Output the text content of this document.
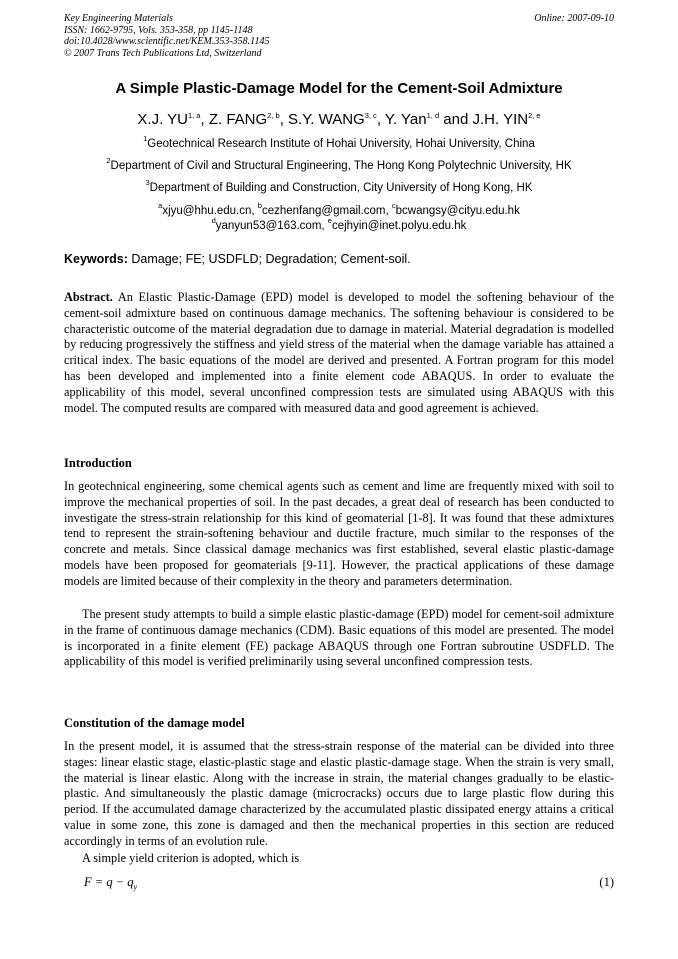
Key Engineering Materials
ISSN: 1662-9795, Vols. 353-358, pp 1145-1148
doi:10.4028/www.scientific.net/KEM.353-358.1145
© 2007 Trans Tech Publications Ltd, Switzerland
Online: 2007-09-10
A Simple Plastic-Damage Model for the Cement-Soil Admixture
X.J. YU$^{1, a}$, Z. FANG$^{2, b}$, S.Y. WANG$^{3, c}$, Y. Yan$^{1, d}$ and J.H. YIN$^{2, e}$
$^1$Geotechnical Research Institute of Hohai University, Hohai University, China
$^2$Department of Civil and Structural Engineering, The Hong Kong Polytechnic University, HK
$^3$Department of Building and Construction, City University of Hong Kong, HK
$^a$xjyu@hhu.edu.cn, $^b$cezhenfang@gmail.com, $^c$bcwangsy@cityu.edu.hk
$^d$yanyun53@163.com, $^e$cejhyin@inet.polyu.edu.hk
Keywords: Damage; FE; USDFLD; Degradation; Cement-soil.
Abstract. An Elastic Plastic-Damage (EPD) model is developed to model the softening behaviour of the cement-soil admixture based on continuous damage mechanics. The softening behaviour is considered to be characteristic outcome of the material degradation due to damage in material. Material degradation is modelled by reducing progressively the stiffness and yield stress of the material when the damage variable has attained a critical index. The basic equations of the model are derived and presented. A Fortran program for this model has been developed and implemented into a finite element code ABAQUS. In order to evaluate the applicability of this model, several unconfined compression tests are simulated using ABAQUS with this model. The computed results are compared with measured data and good agreement is achieved.
Introduction
In geotechnical engineering, some chemical agents such as cement and lime are frequently mixed with soil to improve the mechanical properties of soil. In the past decades, a great deal of research has been conducted to investigate the stress-strain relationship for this kind of geomaterial [1-8]. It was found that these admixtures tend to represent the strain-softening behaviour and ductile fracture, much similar to the responses of the concrete and metals. Since classical damage mechanics was first established, several elastic plastic-damage models have been proposed for geomaterials [9-11]. However, the practical applications of these damage models are limited because of their complexity in the theory and parameters determination.
The present study attempts to build a simple elastic plastic-damage (EPD) model for cement-soil admixture in the frame of continuous damage mechanics (CDM). Basic equations of this model are presented. The model is incorporated in a finite element (FE) package ABAQUS through one Fortran subroutine USDFLD. The applicability of this model is verified preliminarily using several unconfined compression tests.
Constitution of the damage model
In the present model, it is assumed that the stress-strain response of the material can be divided into three stages: linear elastic stage, elastic-plastic stage and elastic plastic-damage stage. When the strain is very small, the material is linear elastic. Along with the increase in strain, the material changes gradually to be elastic-plastic. And simultaneously the plastic damage (microcracks) occurs due to large plastic flow during this period. If the accumulated damage characterized by the accumulated plastic dissipated energy attains a critical value in some zone, this zone is damaged and then the mechanical properties in this section are reduced accordingly in terms of an evolution rule.
A simple yield criterion is adopted, which is
$F = q - q_y$	(1)
